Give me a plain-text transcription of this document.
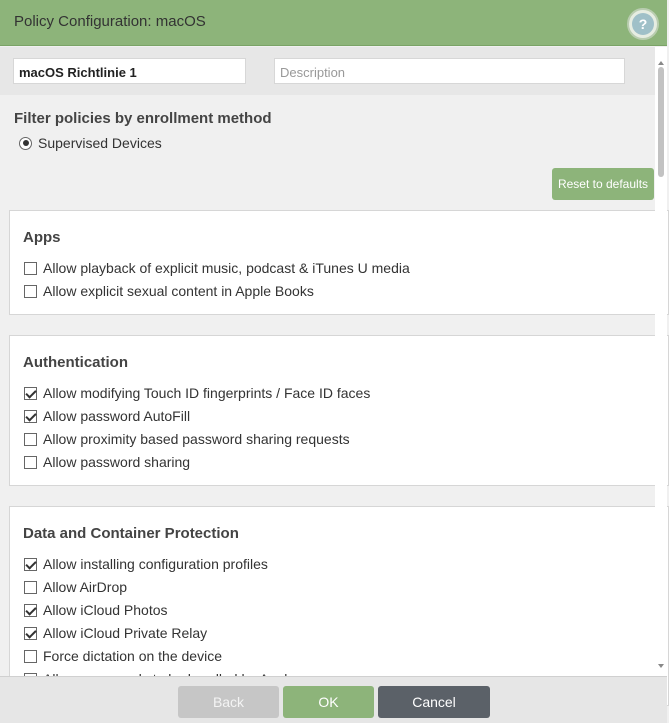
Policy Configuration: macOS	?
macOS Richtlinie 1	Description
Filter policies by enrollment method
Supervised Devices
Reset to defaults
Apps
Allow playback of explicit music, podcast & iTunes U media
Allow explicit sexual content in Apple Books
Authentication
Allow modifying Touch ID fingerprints / Face ID faces
Allow password AutoFill
Allow proximity based password sharing requests
Allow password sharing
Data and Container Protection
Allow installing configuration profiles
Allow AirDrop
Allow iCloud Photos
Allow iCloud Private Relay
Force dictation on the device
Back	OK	Cancel
